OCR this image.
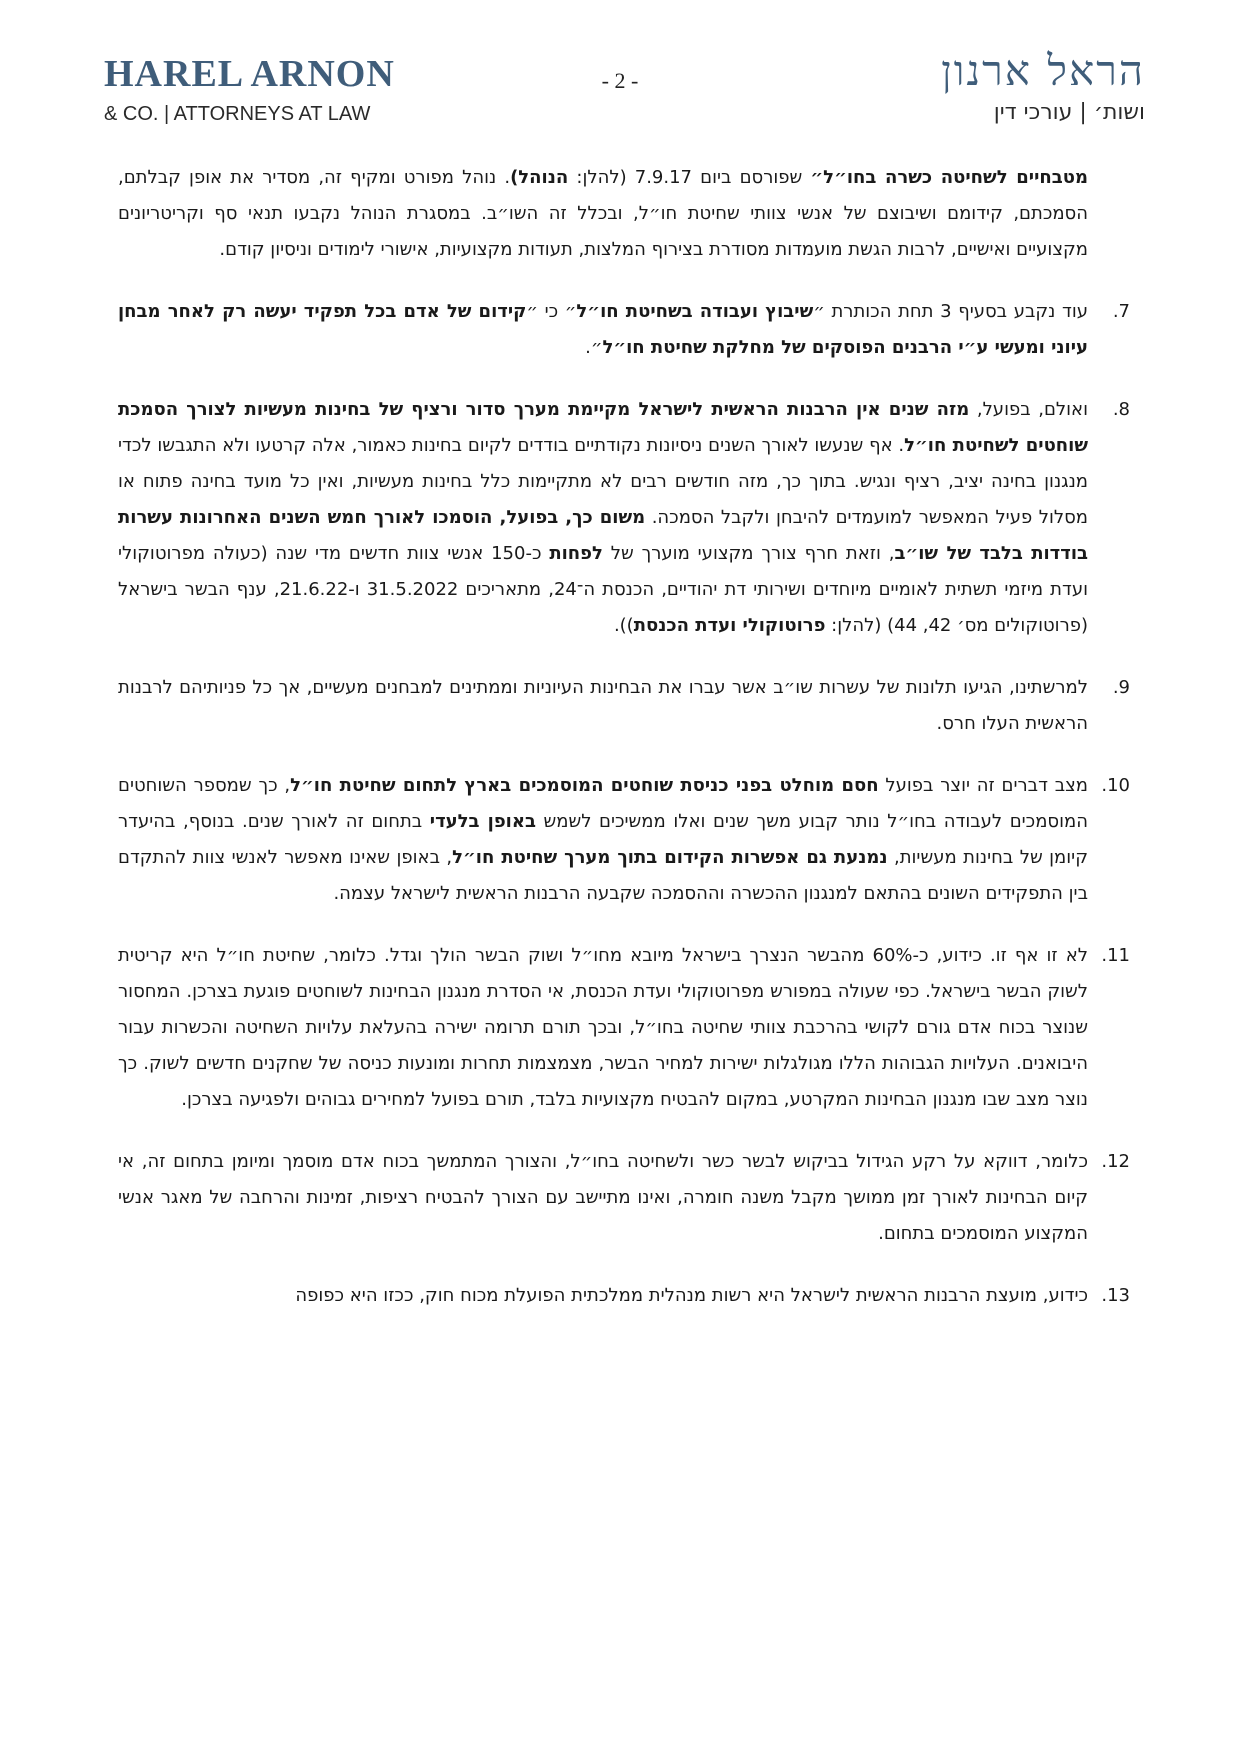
HAREL ARNON
& CO. | ATTORNEYS AT LAW
- 2 -	הראל ארנון
ושות׳ | עורכי דין
מטבחיים לשחיטה כשרה בחו״ל״ שפורסם ביום 7.9.17 (להלן: הנוהל). נוהל מפורט ומקיף זה, מסדיר את אופן קבלתם, הסמכתם, קידומם ושיבוצם של אנשי צוותי שחיטת חו״ל, ובכלל זה השו״ב. במסגרת הנוהל נקבעו תנאי סף וקריטריונים מקצועיים ואישיים, לרבות הגשת מועמדות מסודרת בצירוף המלצות, תעודות מקצועיות, אישורי לימודים וניסיון קודם.
.7
עוד נקבע בסעיף 3 תחת הכותרת ״שיבוץ ועבודה בשחיטת חו״ל״ כי ״קידום של אדם בכל תפקיד יעשה רק לאחר מבחן עיוני ומעשי ע״י הרבנים הפוסקים של מחלקת שחיטת חו״ל״.
.8
ואולם, בפועל, מזה שנים אין הרבנות הראשית לישראל מקיימת מערך סדור ורציף של בחינות מעשיות לצורך הסמכת שוחטים לשחיטת חו״ל. אף שנעשו לאורך השנים ניסיונות נקודתיים בודדים לקיום בחינות כאמור, אלה קרטעו ולא התגבשו לכדי מנגנון בחינה יציב, רציף ונגיש. בתוך כך, מזה חודשים רבים לא מתקיימות כלל בחינות מעשיות, ואין כל מועד בחינה פתוח או מסלול פעיל המאפשר למועמדים להיבחן ולקבל הסמכה. משום כך, בפועל, הוסמכו לאורך חמש השנים האחרונות עשרות בודדות בלבד של שו״ב, וזאת חרף צורך מקצועי מוערך של לפחות כ-150 אנשי צוות חדשים מדי שנה (כעולה מפרוטוקולי ועדת מיזמי תשתית לאומיים מיוחדים ושירותי דת יהודיים, הכנסת ה־24, מתאריכים 31.5.2022 ו-21.6.22, ענף הבשר בישראל (פרוטוקולים מס׳ 42, 44) (להלן: פרוטוקולי ועדת הכנסת)).
.9
למרשתינו, הגיעו תלונות של עשרות שו״ב אשר עברו את הבחינות העיוניות וממתינים למבחנים מעשיים, אך כל פניותיהם לרבנות הראשית העלו חרס.
.10
מצב דברים זה יוצר בפועל חסם מוחלט בפני כניסת שוחטים המוסמכים בארץ לתחום שחיטת חו״ל, כך שמספר השוחטים המוסמכים לעבודה בחו״ל נותר קבוע משך שנים ואלו ממשיכים לשמש באופן בלעדי בתחום זה לאורך שנים. בנוסף, בהיעדר קיומן של בחינות מעשיות, נמנעת גם אפשרות הקידום בתוך מערך שחיטת חו״ל, באופן שאינו מאפשר לאנשי צוות להתקדם בין התפקידים השונים בהתאם למנגנון ההכשרה וההסמכה שקבעה הרבנות הראשית לישראל עצמה.
.11
לא זו אף זו. כידוע, כ-60% מהבשר הנצרך בישראל מיובא מחו״ל ושוק הבשר הולך וגדל. כלומר, שחיטת חו״ל היא קריטית לשוק הבשר בישראל. כפי שעולה במפורש מפרוטוקולי ועדת הכנסת, אי הסדרת מנגנון הבחינות לשוחטים פוגעת בצרכן. המחסור שנוצר בכוח אדם גורם לקושי בהרכבת צוותי שחיטה בחו״ל, ובכך תורם תרומה ישירה בהעלאת עלויות השחיטה והכשרות עבור היבואנים. העלויות הגבוהות הללו מגולגלות ישירות למחיר הבשר, מצמצמות תחרות ומונעות כניסה של שחקנים חדשים לשוק. כך נוצר מצב שבו מנגנון הבחינות המקרטע, במקום להבטיח מקצועיות בלבד, תורם בפועל למחירים גבוהים ולפגיעה בצרכן.
.12
כלומר, דווקא על רקע הגידול בביקוש לבשר כשר ולשחיטה בחו״ל, והצורך המתמשך בכוח אדם מוסמך ומיומן בתחום זה, אי קיום הבחינות לאורך זמן ממושך מקבל משנה חומרה, ואינו מתיישב עם הצורך להבטיח רציפות, זמינות והרחבה של מאגר אנשי המקצוע המוסמכים בתחום.
.13
כידוע, מועצת הרבנות הראשית לישראל היא רשות מנהלית ממלכתית הפועלת מכוח חוק, ככזו היא כפופה
